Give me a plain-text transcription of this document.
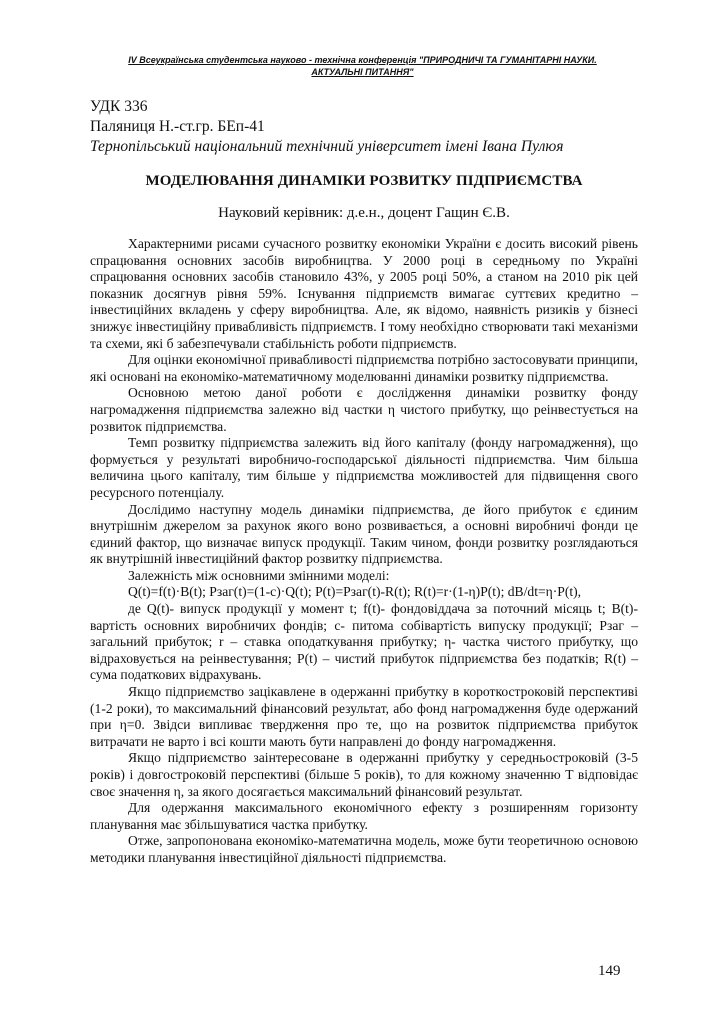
IV Всеукраїнська студентська науково - технічна конференція "ПРИРОДНИЧІ ТА ГУМАНІТАРНІ НАУКИ.
АКТУАЛЬНІ ПИТАННЯ"
УДК 336
Паляниця Н.-ст.гр. БЕп-41
Тернопільський національний технічний університет імені Івана Пулюя
МОДЕЛЮВАННЯ ДИНАМІКИ РОЗВИТКУ ПІДПРИЄМСТВА
Науковий керівник: д.е.н., доцент Гащин Є.В.

Характерними рисами сучасного розвитку економіки України є досить високий рівень спрацювання основних засобів виробництва. У 2000 році в середньому по Україні спрацювання основних засобів становило 43%, у 2005 році 50%, а станом на 2010 рік цей показник досягнув рівня 59%. Існування підприємств вимагає суттєвих кредитно – інвестиційних вкладень у сферу виробництва. Але, як відомо, наявність ризиків у бізнесі знижує інвестиційну привабливість підприємств. І тому необхідно створювати такі механізми та схеми, які б забезпечували стабільність роботи підприємств.

Для оцінки економічної привабливості підприємства потрібно застосовувати принципи, які основані на економіко-математичному моделюванні динаміки розвитку підприємства.

Основною метою даної роботи є дослідження динаміки розвитку фонду нагромадження підприємства залежно від частки η чистого прибутку, що реінвестується на розвиток підприємства.

Темп розвитку підприємства залежить від його капіталу (фонду нагромадження), що формується у результаті виробничо-господарської діяльності підприємства. Чим більша величина цього капіталу, тим більше у підприємства можливостей для підвищення свого ресурсного потенціалу.

Дослідимо наступну модель динаміки підприємства, де його прибуток є єдиним внутрішнім джерелом за рахунок якого воно розвивається, а основні виробничі фонди це єдиний фактор, що визначає випуск продукції. Таким чином, фонди розвитку розглядаються як внутрішній інвестиційний фактор розвитку підприємства.

Залежність між основними змінними моделі:

Q(t)=f(t)·B(t); Рзаг(t)=(1-c)·Q(t); P(t)=Рзаг(t)-R(t); R(t)=r·(1-η)P(t); dB/dt=η·P(t),

де Q(t)- випуск продукції у момент t; f(t)- фондовіддача за поточний місяць t; B(t)- вартість основних виробничих фондів; c- питома собівартість випуску продукції; Рзаг – загальний прибуток; r – ставка оподаткування прибутку; η- частка чистого прибутку, що відраховується на реінвестування; P(t) – чистий прибуток підприємства без податків; R(t) – сума податкових відрахувань.

Якщо підприємство зацікавлене в одержанні прибутку в короткостроковій перспективі (1-2 роки), то максимальний фінансовий результат, або фонд нагромадження буде одержаний при η=0. Звідси випливає твердження про те, що на розвиток підприємства прибуток витрачати не варто і всі кошти мають бути направлені до фонду нагромадження.

Якщо підприємство зaінтересоване в одержанні прибутку у середньостроковій (3-5 років) і довгостроковій перспективі (більше 5 років), то для кожному значенню T відповідає своє значення η, за якого досягається максимальний фінансовий результат.

Для одержання максимального економічного ефекту з розширенням горизонту планування має збільшуватися частка прибутку.

Отже, запропонована економіко-математична модель, може бути теоретичною основою методики планування інвестиційної діяльності підприємства.

149
